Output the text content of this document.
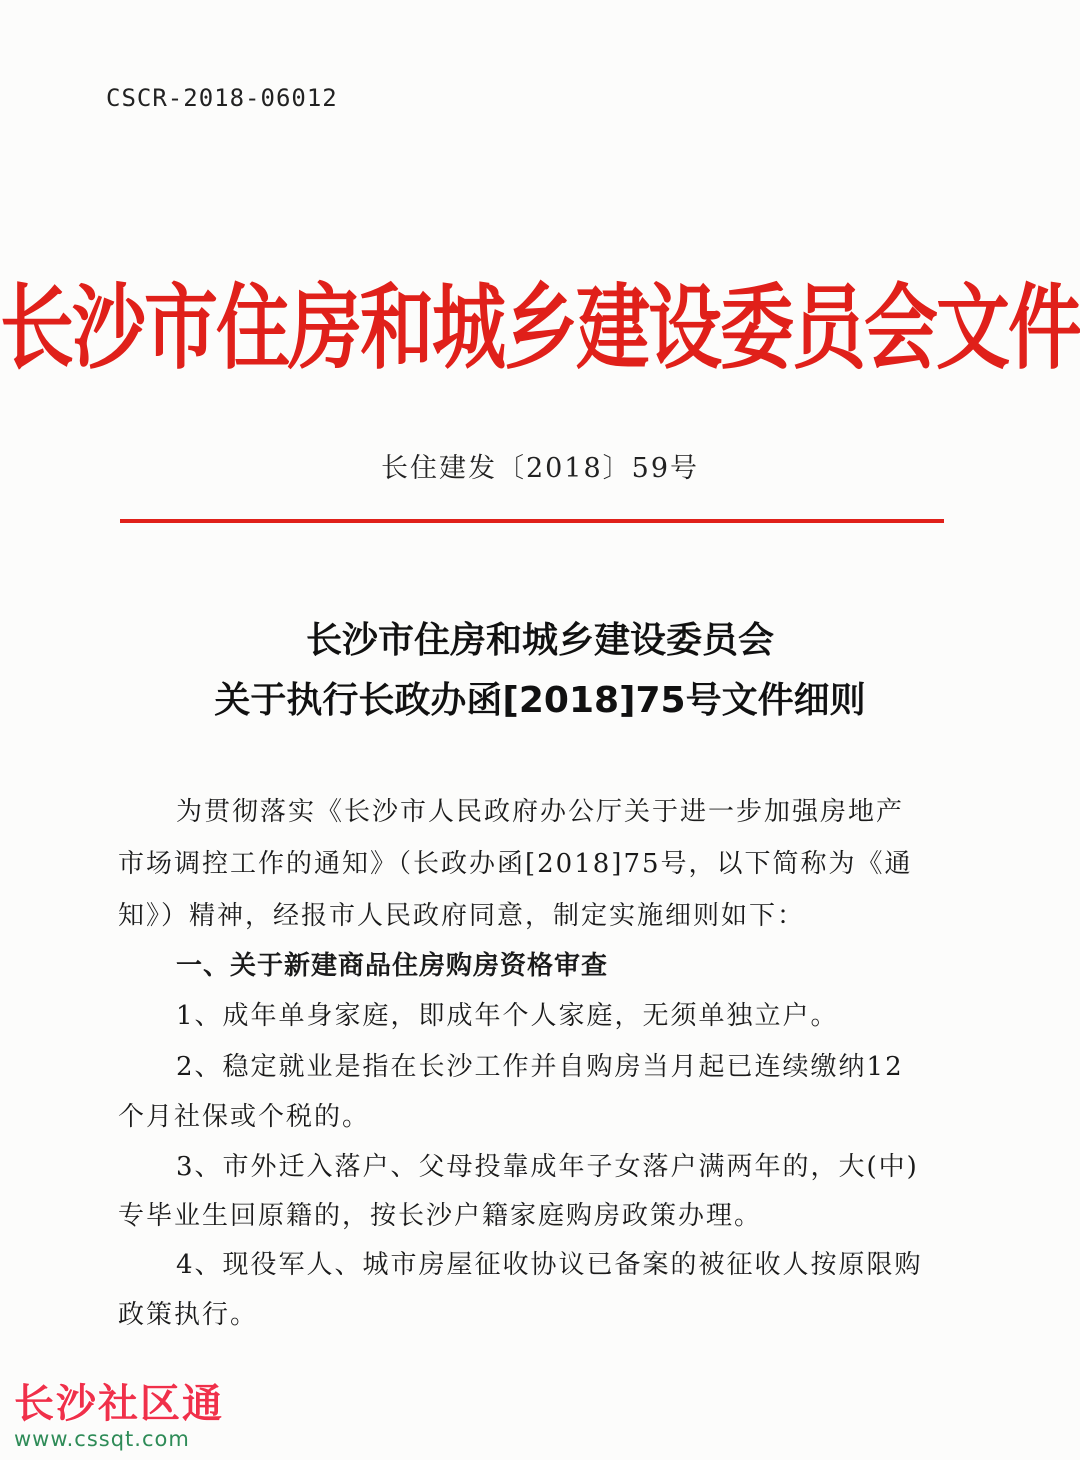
CSCR-2018-06012
长沙市住房和城乡建设委员会文件
长住建发〔2018〕59号
长沙市住房和城乡建设委员会
关于执行长政办函[2018]75号文件细则
为贯彻落实《长沙市人民政府办公厅关于进一步加强房地产
市场调控工作的通知》（长政办函[2018]75号，以下简称为《通
知》）精神，经报市人民政府同意，制定实施细则如下：
一、关于新建商品住房购房资格审查
1、成年单身家庭，即成年个人家庭，无须单独立户。
2、稳定就业是指在长沙工作并自购房当月起已连续缴纳12
个月社保或个税的。
3、市外迁入落户、父母投靠成年子女落户满两年的，大(中)
专毕业生回原籍的，按长沙户籍家庭购房政策办理。
4、现役军人、城市房屋征收协议已备案的被征收人按原限购
政策执行。
长沙社区通
www.cssqt.com
